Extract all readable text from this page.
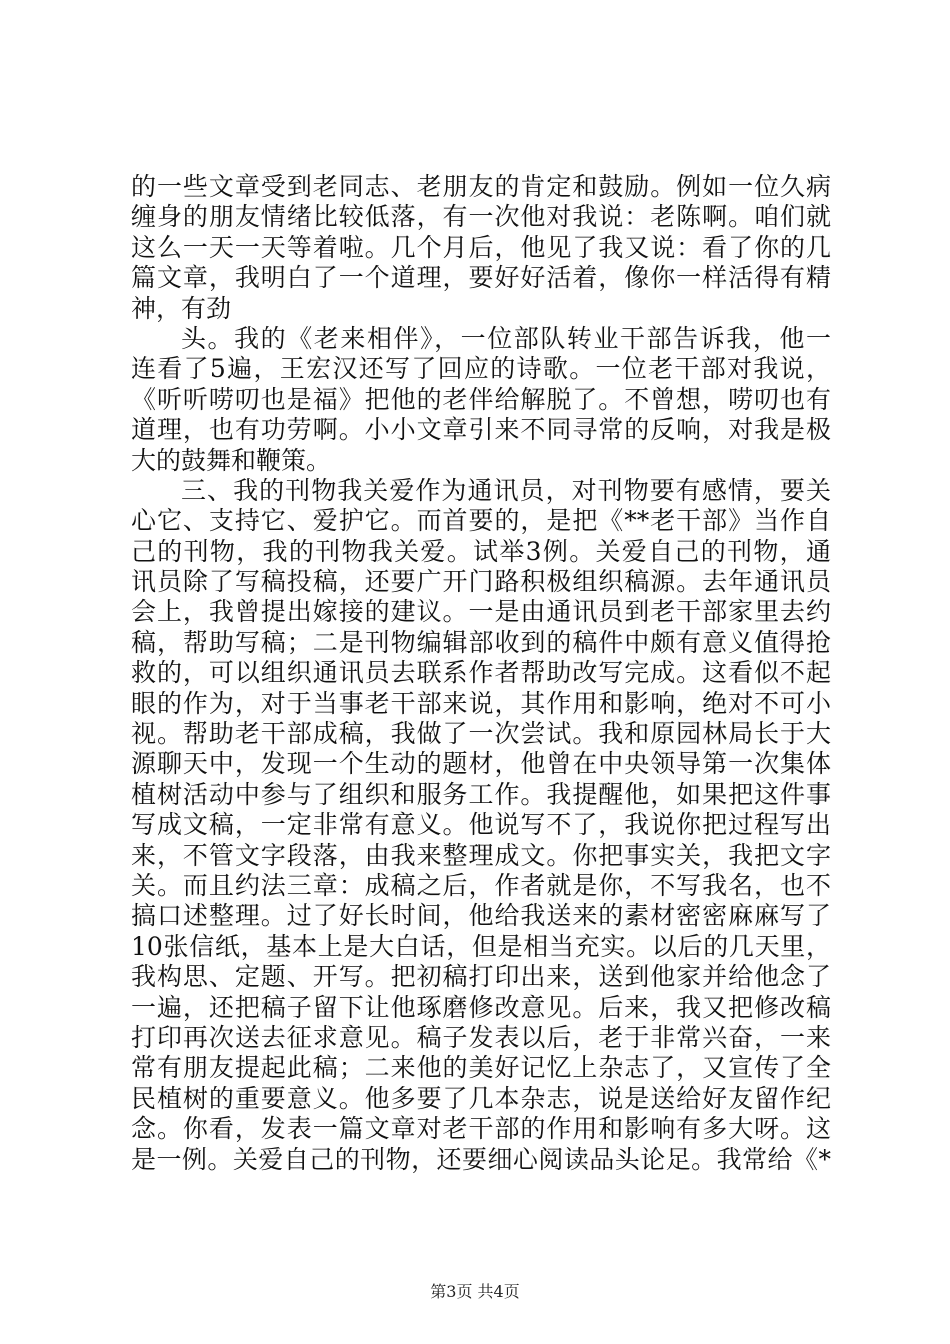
的一些文章受到老同志、老朋友的肯定和鼓励。例如一位久病
缠身的朋友情绪比较低落，有一次他对我说：老陈啊。咱们就
这么一天一天等着啦。几个月后，他见了我又说：看了你的几
篇文章，我明白了一个道理，要好好活着，像你一样活得有精
神，有劲
头。我的《老来相伴》，一位部队转业干部告诉我，他一
连看了5遍，王宏汉还写了回应的诗歌。一位老干部对我说，
《听听唠叨也是福》把他的老伴给解脱了。不曾想，唠叨也有
道理，也有功劳啊。小小文章引来不同寻常的反响，对我是极
大的鼓舞和鞭策。
三、我的刊物我关爱作为通讯员，对刊物要有感情，要关
心它、支持它、爱护它。而首要的，是把《**老干部》当作自
己的刊物，我的刊物我关爱。试举3例。关爱自己的刊物，通
讯员除了写稿投稿，还要广开门路积极组织稿源。去年通讯员
会上，我曾提出嫁接的建议。一是由通讯员到老干部家里去约
稿，帮助写稿；二是刊物编辑部收到的稿件中颇有意义值得抢
救的，可以组织通讯员去联系作者帮助改写完成。这看似不起
眼的作为，对于当事老干部来说，其作用和影响，绝对不可小
视。帮助老干部成稿，我做了一次尝试。我和原园林局长于大
源聊天中，发现一个生动的题材，他曾在中央领导第一次集体
植树活动中参与了组织和服务工作。我提醒他，如果把这件事
写成文稿，一定非常有意义。他说写不了，我说你把过程写出
来，不管文字段落，由我来整理成文。你把事实关，我把文字
关。而且约法三章：成稿之后，作者就是你，不写我名，也不
搞口述整理。过了好长时间，他给我送来的素材密密麻麻写了
10张信纸，基本上是大白话，但是相当充实。以后的几天里，
我构思、定题、开写。把初稿打印出来，送到他家并给他念了
一遍，还把稿子留下让他琢磨修改意见。后来，我又把修改稿
打印再次送去征求意见。稿子发表以后，老于非常兴奋，一来
常有朋友提起此稿；二来他的美好记忆上杂志了，又宣传了全
民植树的重要意义。他多要了几本杂志，说是送给好友留作纪
念。你看，发表一篇文章对老干部的作用和影响有多大呀。这
是一例。关爱自己的刊物，还要细心阅读品头论足。我常给《*
第3页 共4页
